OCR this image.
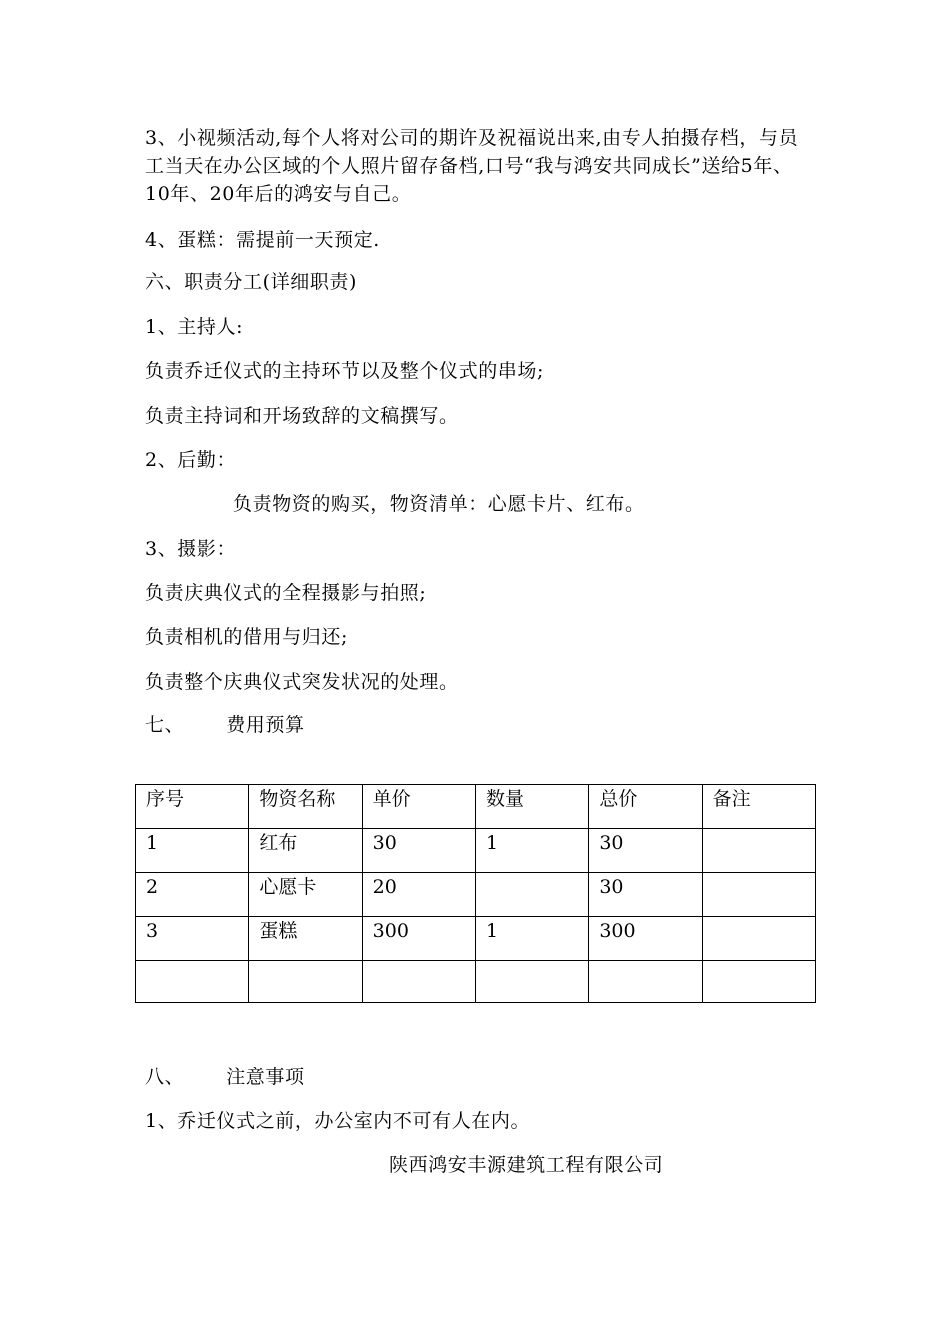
3、小视频活动,每个人将对公司的期许及祝福说出来,由专人拍摄存档，与员工当天在办公区域的个人照片留存备档,口号“我与鸿安共同成长”送给5年、10年、20年后的鸿安与自己。
4、蛋糕：需提前一天预定.
六、职责分工(详细职责)
1、主持人:
负责乔迁仪式的主持环节以及整个仪式的串场;
负责主持词和开场致辞的文稿撰写。
2、后勤：
负责物资的购买，物资清单：心愿卡片、红布。
3、摄影：
负责庆典仪式的全程摄影与拍照;
负责相机的借用与归还;
负责整个庆典仪式突发状况的处理。
七、 费用预算
序号	物资名称	单价	数量	总价	备注
1	红布	30	1	30	
2	心愿卡	20		30	
3	蛋糕	300	1	300	

八、 注意事项
1、乔迁仪式之前，办公室内不可有人在内。
陕西鸿安丰源建筑工程有限公司
